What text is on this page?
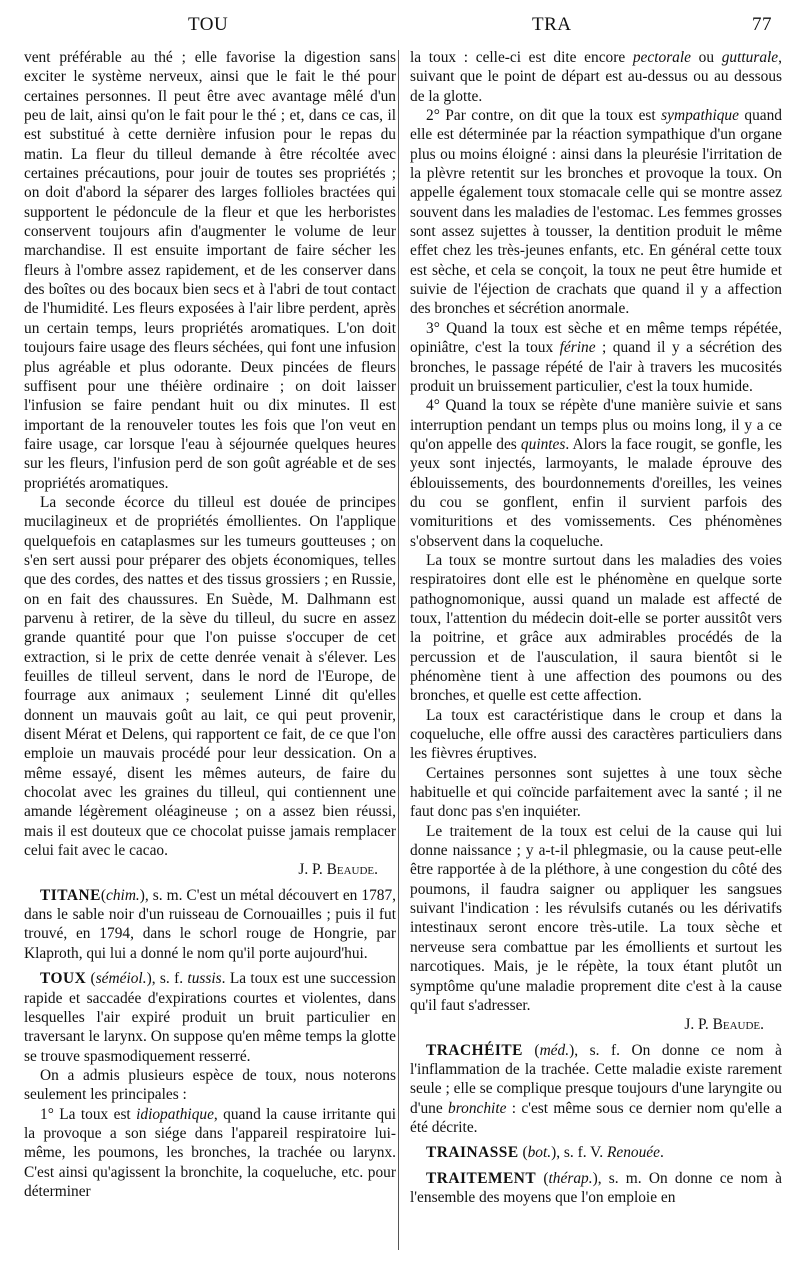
TOU	TRA	77

vent préférable au thé ; elle favorise la digestion sans exciter le système nerveux, ainsi que le fait le thé pour certaines personnes. Il peut être avec avantage mêlé d'un peu de lait, ainsi qu'on le fait pour le thé ; et, dans ce cas, il est substitué à cette dernière infusion pour le repas du matin. La fleur du tilleul demande à être récoltée avec certaines précautions, pour jouir de toutes ses propriétés ; on doit d'abord la séparer des larges follioles bractées qui supportent le pédoncule de la fleur et que les herboristes conservent toujours afin d'augmenter le volume de leur marchandise. Il est ensuite important de faire sécher les fleurs à l'ombre assez rapidement, et de les conserver dans des boîtes ou des bocaux bien secs et à l'abri de tout contact de l'humidité. Les fleurs exposées à l'air libre perdent, après un certain temps, leurs propriétés aromatiques. L'on doit toujours faire usage des fleurs séchées, qui font une infusion plus agréable et plus odorante. Deux pincées de fleurs suffisent pour une théière ordinaire ; on doit laisser l'infusion se faire pendant huit ou dix minutes. Il est important de la renouveler toutes les fois que l'on veut en faire usage, car lorsque l'eau à séjournée quelques heures sur les fleurs, l'infusion perd de son goût agréable et de ses propriétés aromatiques.

La seconde écorce du tilleul est douée de principes mucilagineux et de propriétés émollientes. On l'applique quelquefois en cataplasmes sur les tumeurs goutteuses ; on s'en sert aussi pour préparer des objets économiques, telles que des cordes, des nattes et des tissus grossiers ; en Russie, on en fait des chaussures. En Suède, M. Dalhmann est parvenu à retirer, de la sève du tilleul, du sucre en assez grande quantité pour que l'on puisse s'occuper de cet extraction, si le prix de cette denrée venait à s'élever. Les feuilles de tilleul servent, dans le nord de l'Europe, de fourrage aux animaux ; seulement Linné dit qu'elles donnent un mauvais goût au lait, ce qui peut provenir, disent Mérat et Delens, qui rapportent ce fait, de ce que l'on emploie un mauvais procédé pour leur dessication. On a même essayé, disent les mêmes auteurs, de faire du chocolat avec les graines du tilleul, qui contiennent une amande légèrement oléagineuse ; on a assez bien réussi, mais il est douteux que ce chocolat puisse jamais remplacer celui fait avec le cacao.

J. P. Beaude.

TITANE(chim.), s. m. C'est un métal découvert en 1787, dans le sable noir d'un ruisseau de Cornouailles ; puis il fut trouvé, en 1794, dans le schorl rouge de Hongrie, par Klaproth, qui lui a donné le nom qu'il porte aujourd'hui.

TOUX (séméiol.), s. f. tussis. La toux est une succession rapide et saccadée d'expirations courtes et violentes, dans lesquelles l'air expiré produit un bruit particulier en traversant le larynx. On suppose qu'en même temps la glotte se trouve spasmodiquement resserré.

On a admis plusieurs espèce de toux, nous noterons seulement les principales :

1° La toux est idiopathique, quand la cause irritante qui la provoque a son siége dans l'appareil respiratoire lui-même, les poumons, les bronches, la trachée ou larynx. C'est ainsi qu'agissent la bronchite, la coqueluche, etc. pour déterminer

la toux : celle-ci est dite encore pectorale ou gutturale, suivant que le point de départ est au-dessus ou au dessous de la glotte.

2° Par contre, on dit que la toux est sympathique quand elle est déterminée par la réaction sympathique d'un organe plus ou moins éloigné : ainsi dans la pleurésie l'irritation de la plèvre retentit sur les bronches et provoque la toux. On appelle également toux stomacale celle qui se montre assez souvent dans les maladies de l'estomac. Les femmes grosses sont assez sujettes à tousser, la dentition produit le même effet chez les très-jeunes enfants, etc. En général cette toux est sèche, et cela se conçoit, la toux ne peut être humide et suivie de l'éjection de crachats que quand il y a affection des bronches et sécrétion anormale.

3° Quand la toux est sèche et en même temps répétée, opiniâtre, c'est la toux férine ; quand il y a sécrétion des bronches, le passage répété de l'air à travers les mucosités produit un bruissement particulier, c'est la toux humide.

4° Quand la toux se répète d'une manière suivie et sans interruption pendant un temps plus ou moins long, il y a ce qu'on appelle des quintes. Alors la face rougit, se gonfle, les yeux sont injectés, larmoyants, le malade éprouve des éblouissements, des bourdonnements d'oreilles, les veines du cou se gonflent, enfin il survient parfois des vomituritions et des vomissements. Ces phénomènes s'observent dans la coqueluche.

La toux se montre surtout dans les maladies des voies respiratoires dont elle est le phénomène en quelque sorte pathognomonique, aussi quand un malade est affecté de toux, l'attention du médecin doit-elle se porter aussitôt vers la poitrine, et grâce aux admirables procédés de la percussion et de l'ausculation, il saura bientôt si le phénomène tient à une affection des poumons ou des bronches, et quelle est cette affection.

La toux est caractéristique dans le croup et dans la coqueluche, elle offre aussi des caractères particuliers dans les fièvres éruptives.

Certaines personnes sont sujettes à une toux sèche habituelle et qui coïncide parfaitement avec la santé ; il ne faut donc pas s'en inquiéter.

Le traitement de la toux est celui de la cause qui lui donne naissance ; y a-t-il phlegmasie, ou la cause peut-elle être rapportée à de la pléthore, à une congestion du côté des poumons, il faudra saigner ou appliquer les sangsues suivant l'indication : les révulsifs cutanés ou les dérivatifs intestinaux seront encore très-utile. La toux sèche et nerveuse sera combattue par les émollients et surtout les narcotiques. Mais, je le répète, la toux étant plutôt un symptôme qu'une maladie proprement dite c'est à la cause qu'il faut s'adresser.

J. P. Beaude.

TRACHÉITE (méd.), s. f. On donne ce nom à l'inflammation de la trachée. Cette maladie existe rarement seule ; elle se complique presque toujours d'une laryngite ou d'une bronchite : c'est même sous ce dernier nom qu'elle a été décrite.

TRAINASSE (bot.), s. f. V. Renouée.

TRAITEMENT (thérap.), s. m. On donne ce nom à l'ensemble des moyens que l'on emploie en
